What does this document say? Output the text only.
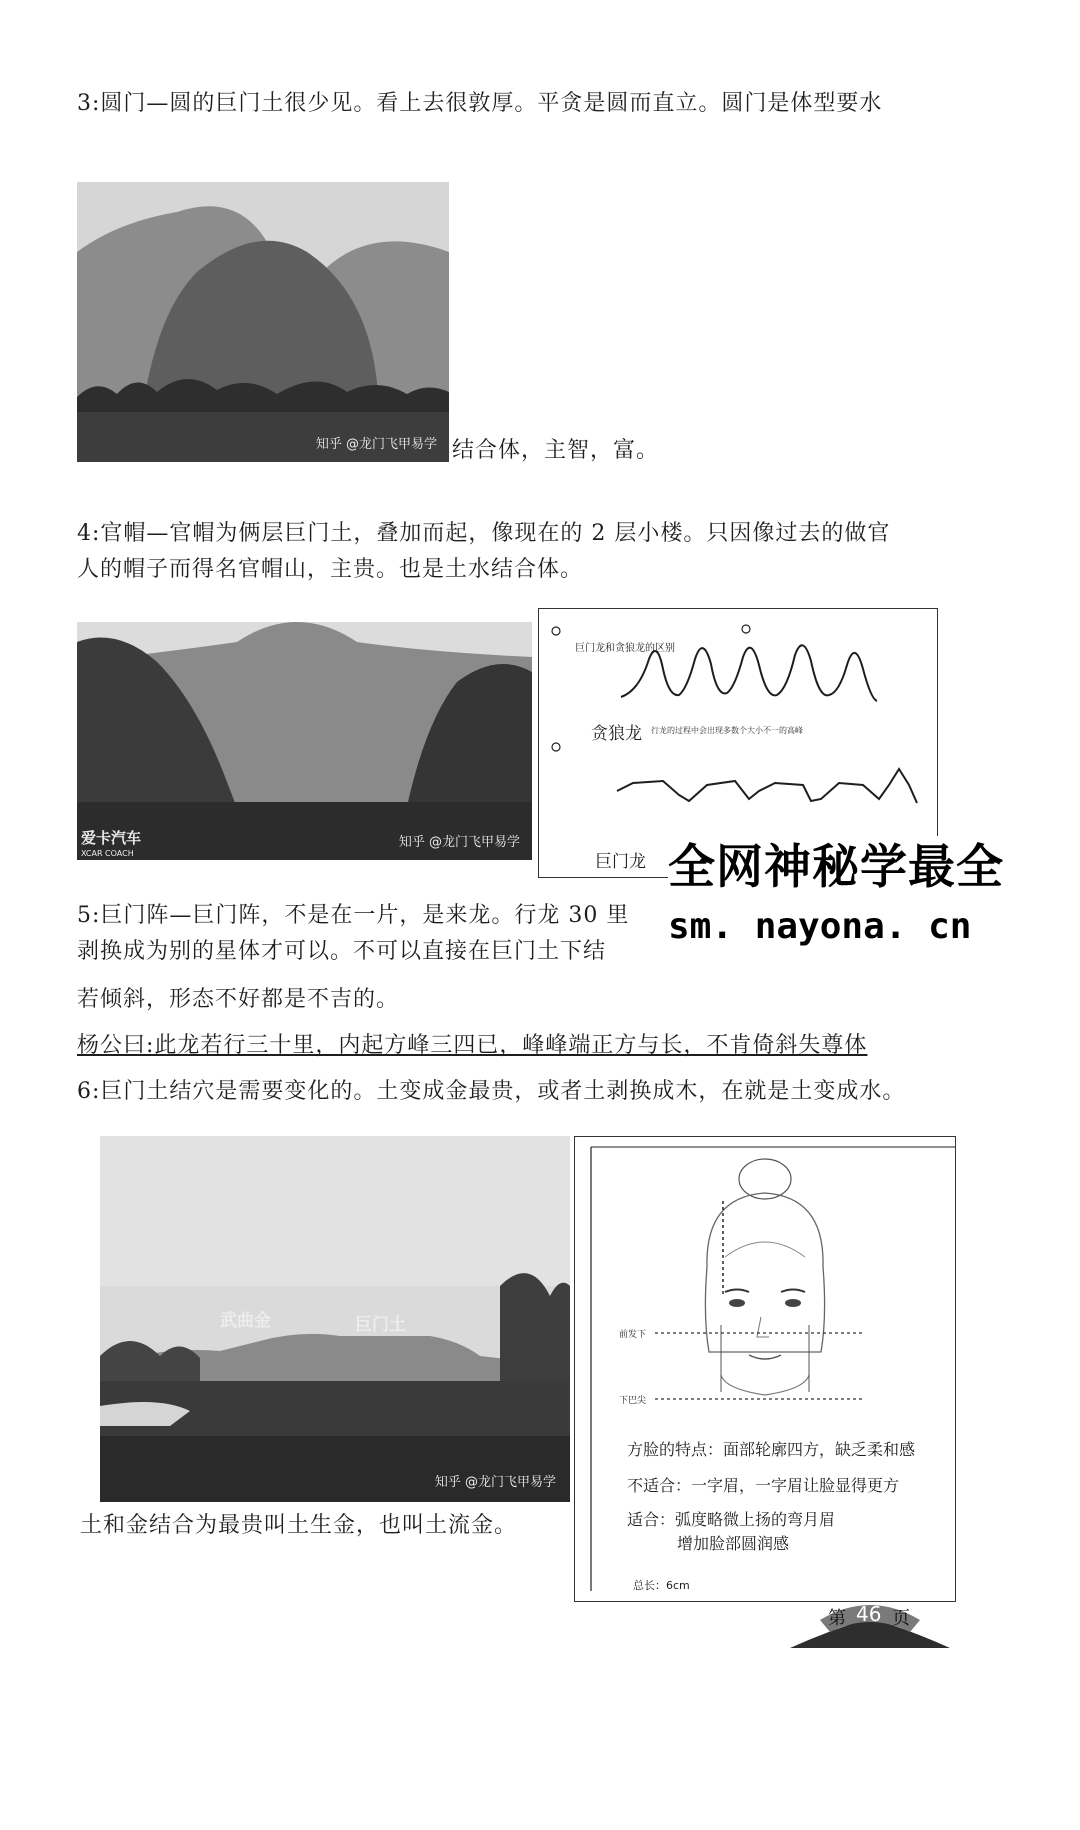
3:圆门—圆的巨门土很少见。看上去很敦厚。平贪是圆而直立。圆门是体型要水
知乎 @龙门飞甲易学 结合体，主智，富。
4:官帽—官帽为俩层巨门土，叠加而起，像现在的 2 层小楼。只因像过去的做官
人的帽子而得名官帽山，主贵。也是土水结合体。
爱卡汽车
XCAR COACH
知乎 @龙门飞甲易学
巨门龙和贪狼龙的区别
贪狼龙 行龙的过程中会出现多数个大小不一的高峰
巨门龙 全网神秘学最全
sm. nayona. cn
5:巨门阵—巨门阵，不是在一片，是来龙。行龙 30 里
剥换成为别的星体才可以。不可以直接在巨门土下结
若倾斜，形态不好都是不吉的。
杨公曰:此龙若行三十里，内起方峰三四已，峰峰端正方与长，不肯倚斜失尊体
6:巨门土结穴是需要变化的。土变成金最贵，或者土剥换成木，在就是土变成水。
武曲金	巨门土
知乎 @龙门飞甲易学
前发下
下巴尖
方脸的特点：面部轮廓四方，缺乏柔和感
不适合：一字眉，一字眉让脸显得更方
适合：弧度略微上扬的弯月眉
增加脸部圆润感
总长：6cm
土和金结合为最贵叫土生金，也叫土流金。
第 46 页
